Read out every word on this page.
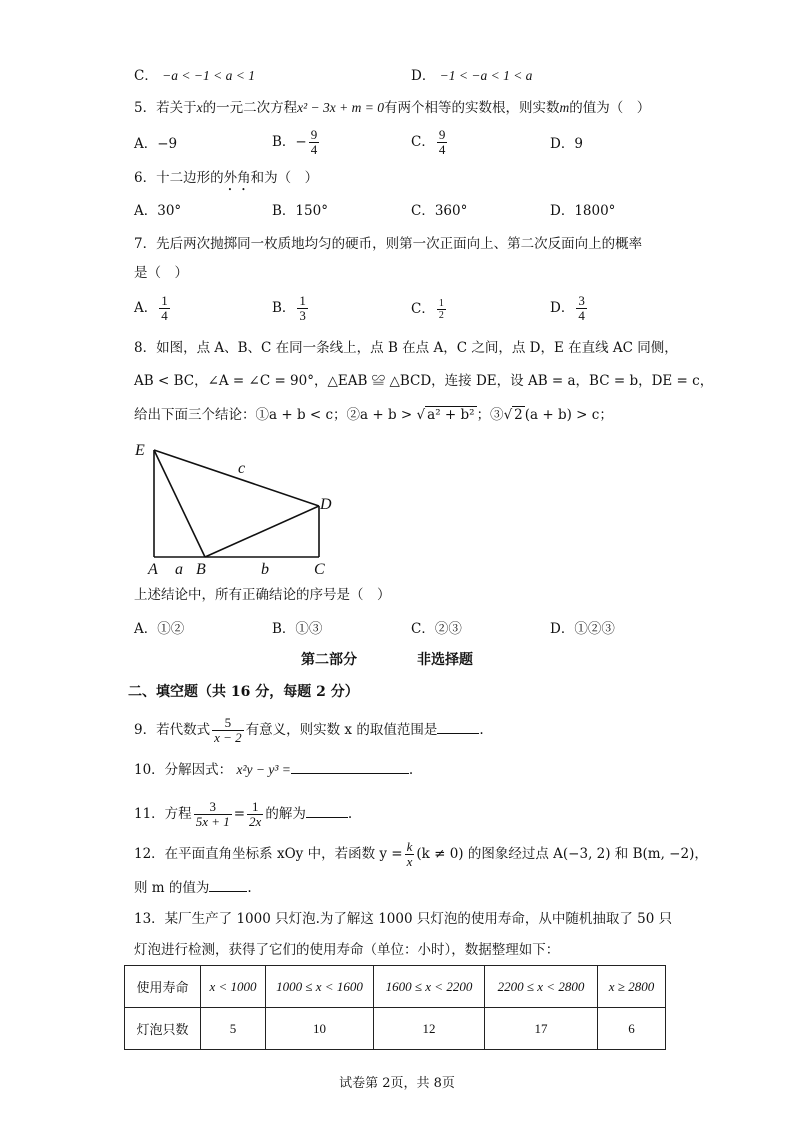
C． −a < −1 < a < 1	D． −1 < −a < 1 < a
5．若关于x的一元二次方程x² − 3x + m = 0有两个相等的实数根，则实数m的值为（　）
A．−9	B．− $\frac{9}{4}$	C． $\frac{9}{4}$	D．9
6．十二边形的外角和为（　）
A．30°	B．150°	C．360°	D．1800°
7．先后两次抛掷同一枚质地均匀的硬币，则第一次正面向上、第二次反面向上的概率
是（　）
A． $\frac{1}{4}$	B． $\frac{1}{3}$	C． $\frac{1}{2}$	D． $\frac{3}{4}$
8．如图，点 A、B、C 在同一条线上，点 B 在点 A，C 之间，点 D，E 在直线 AC 同侧，
AB < BC，∠A = ∠C = 90°，△EAB ≌ △BCD，连接 DE，设 AB = a，BC = b，DE = c，
给出下面三个结论：①a + b < c；②a + b > √ a² + b² ；③√ 2 (a + b) > c；
E
c
D
A a B	b	C
上述结论中，所有正确结论的序号是（　）
A．①②	B．①③	C．②③	D．①②③
第二部分	非选择题
二、填空题（共 16 分，每题 2 分）
9．若代数式 $\frac{5}{x - 2}$ 有意义，则实数 x 的取值范围是	.
10．分解因式： x²y − y³ =	.
11．方程 $\frac{3}{5x + 1} = \frac{1}{2x}$ 的解为	.
12．在平面直角坐标系 xOy 中，若函数 $y = \frac{k}{x} (k \ne 0)$ 的图象经过点 A(−3, 2) 和 B(m, −2)，
则 m 的值为	.
13．某厂生产了 1000 只灯泡.为了解这 1000 只灯泡的使用寿命，从中随机抽取了 50 只
灯泡进行检测，获得了它们的使用寿命（单位：小时），数据整理如下：
使用寿命	x < 1000	1000 ≤ x < 1600	1600 ≤ x < 2200	2200 ≤ x < 2800	x ≥ 2800
灯泡只数	5	10	12	17	6
试卷第 2页，共 8页
